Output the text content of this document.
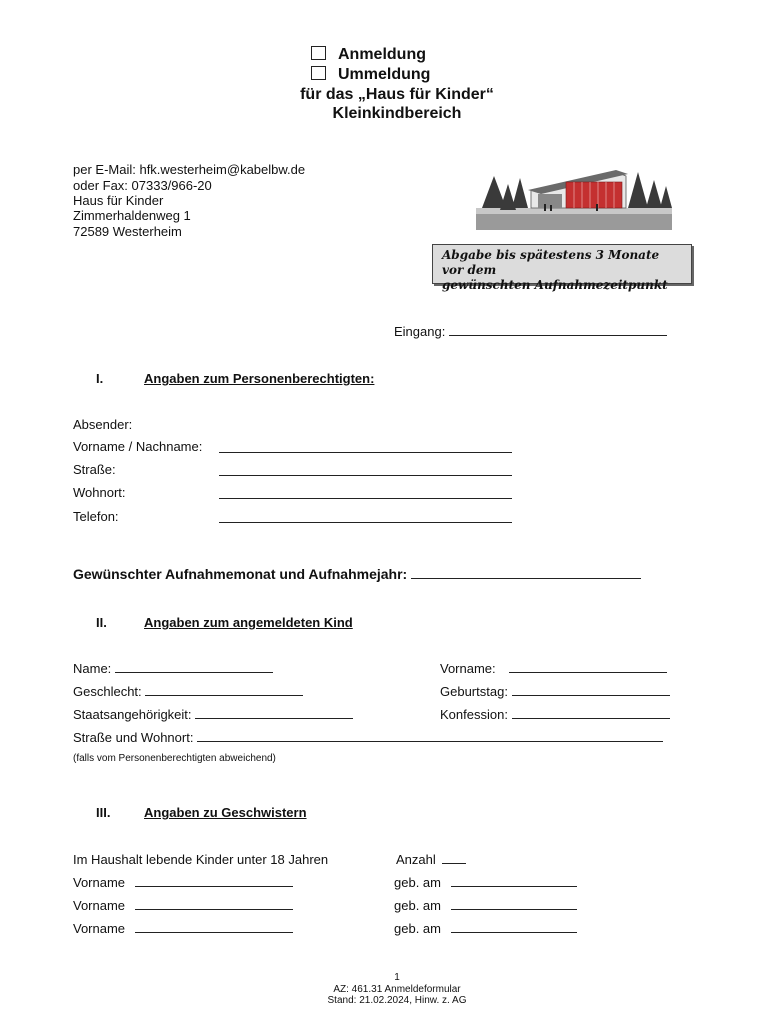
Anmeldung
Ummeldung
für das „Haus für Kinder“
Kleinkindbereich
per E-Mail: hfk.westerheim@kabelbw.de
oder Fax: 07333/966-20
Haus für Kinder
Zimmerhaldenweg 1
72589 Westerheim
Abgabe bis spätestens 3 Monate vor dem
gewünschten Aufnahmezeitpunkt
Eingang:
I.	Angaben zum Personenberechtigten:
Absender:
Vorname / Nachname:
Straße:
Wohnort:
Telefon:
Gewünschter Aufnahmemonat und Aufnahmejahr:
II.	Angaben zum angemeldeten Kind
Name:	Vorname:
Geschlecht:	Geburtstag:
Staatsangehörigkeit:	Konfession:
Straße und Wohnort:
(falls vom Personenberechtigten abweichend)
III.	Angaben zu Geschwistern
Im Haushalt lebende Kinder unter 18 Jahren	Anzahl
Vorname	geb. am
Vorname	geb. am
Vorname	geb. am
1
AZ: 461.31 Anmeldeformular
Stand: 21.02.2024, Hinw. z. AG
